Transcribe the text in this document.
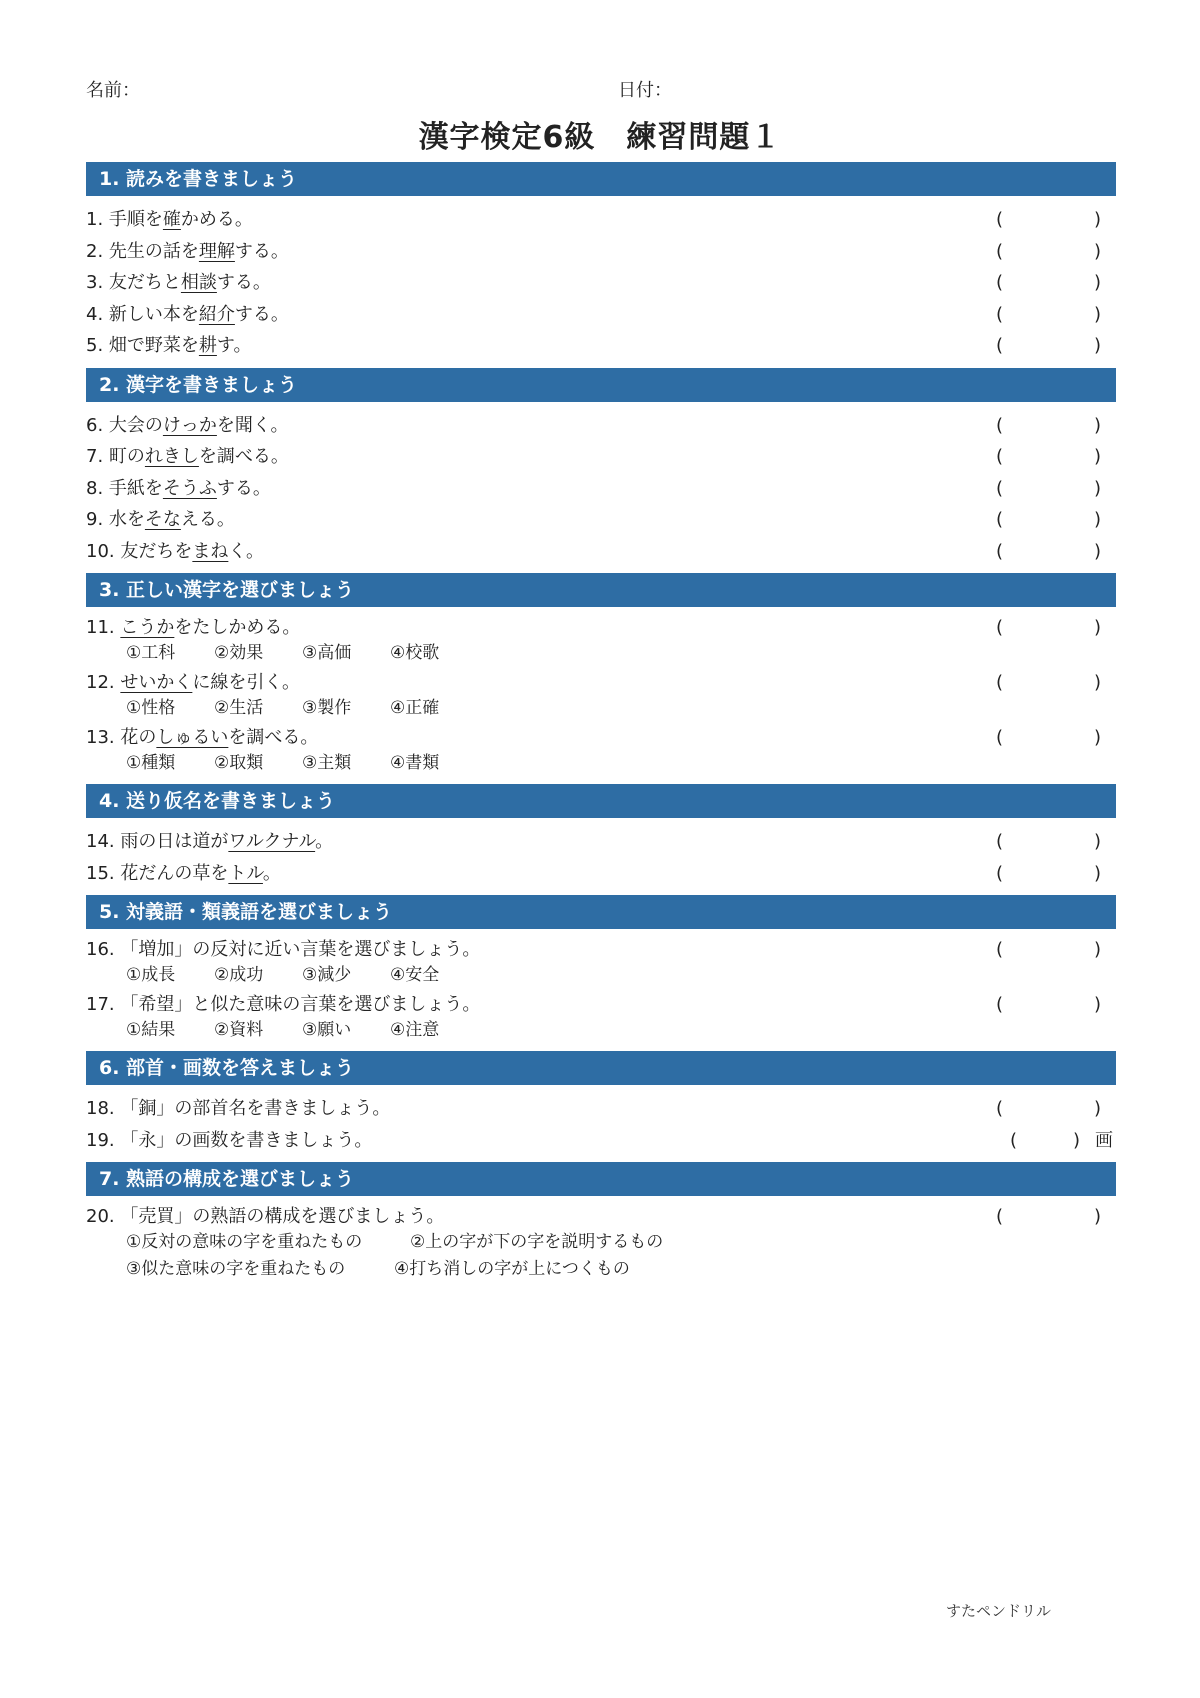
名前：	日付：
漢字検定6級　練習問題１
1. 読みを書きましょう
1. 手順を確かめる。	(	)
2. 先生の話を理解する。	(	)
3. 友だちと相談する。	(	)
4. 新しい本を紹介する。	(	)
5. 畑で野菜を耕す。	(	)
2. 漢字を書きましょう
6. 大会のけっかを聞く。	(	)
7. 町のれきしを調べる。	(	)
8. 手紙をそうふする。	(	)
9. 水をそなえる。	(	)
10. 友だちをまねく。	(	)
3. 正しい漢字を選びましょう
11. こうかをたしかめる。	(	)
①工科	②効果	③高価	④校歌
12. せいかくに線を引く。	(	)
①性格	②生活	③製作	④正確
13. 花のしゅるいを調べる。	(	)
①種類	②取類	③主類	④書類
4. 送り仮名を書きましょう
14. 雨の日は道がワルクナル。	(	)
15. 花だんの草をトル。	(	)
5. 対義語・類義語を選びましょう
16. 「増加」の反対に近い言葉を選びましょう。	(	)
①成長	②成功	③減少	④安全
17. 「希望」と似た意味の言葉を選びましょう。	(	)
①結果	②資料	③願い	④注意
6. 部首・画数を答えましょう
18. 「銅」の部首名を書きましょう。	(	)
19. 「永」の画数を書きましょう。	(	) 画
7. 熟語の構成を選びましょう
20. 「売買」の熟語の構成を選びましょう。	(	)
①反対の意味の字を重ねたもの	②上の字が下の字を説明するもの
③似た意味の字を重ねたもの	④打ち消しの字が上につくもの
すたペンドリル
